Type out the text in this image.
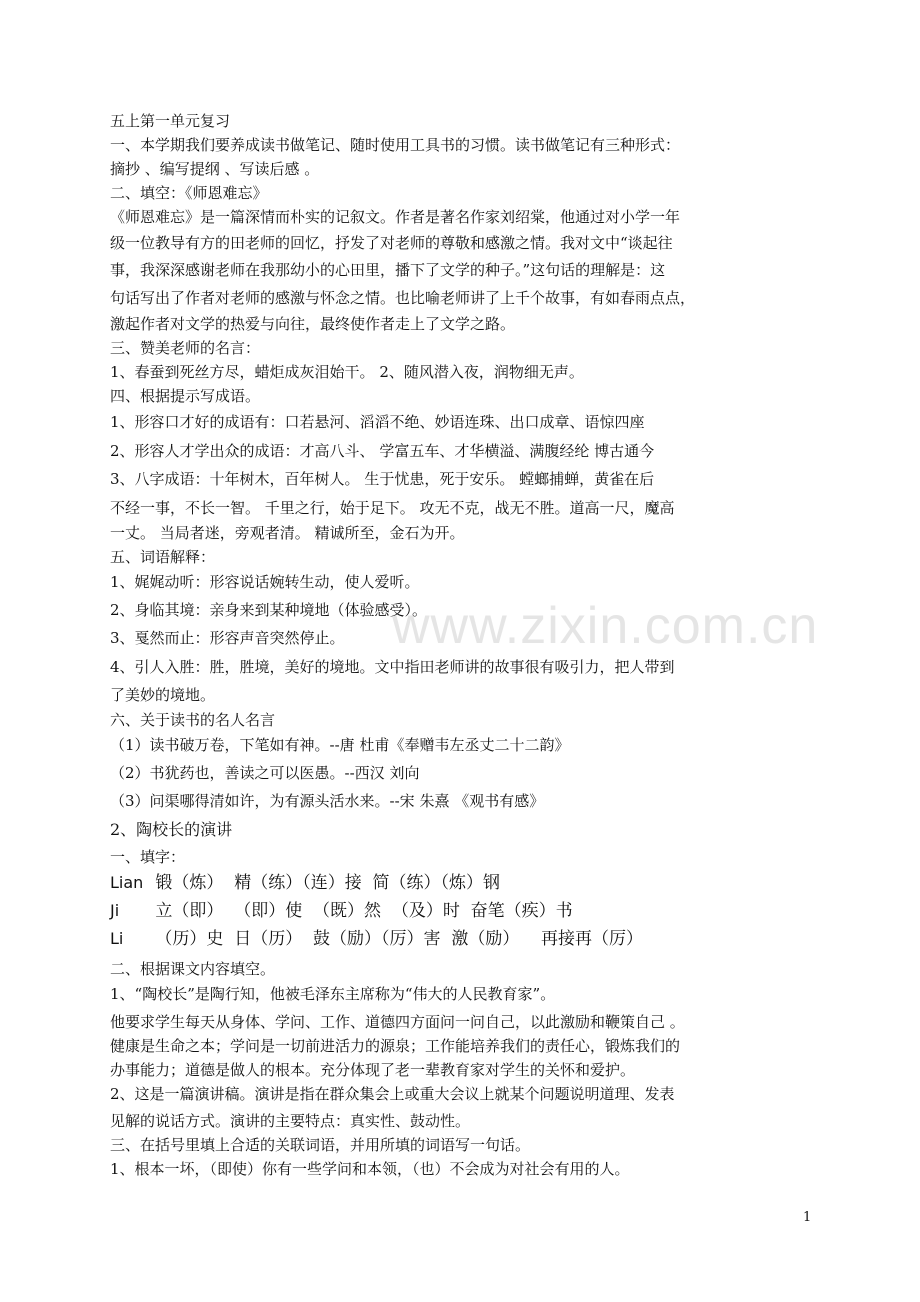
www.zixin.com.cn
五上第一单元复习
一、本学期我们要养成读书做笔记、随时使用工具书的习惯。读书做笔记有三种形式：
摘抄 、编写提纲 、写读后感 。
二、填空：《师恩难忘》
《师恩难忘》是一篇深情而朴实的记叙文。作者是著名作家刘绍棠，他通过对小学一年
级一位教导有方的田老师的回忆，抒发了对老师的尊敬和感激之情。我对文中“谈起往
事，我深深感谢老师在我那幼小的心田里，播下了文学的种子。”这句话的理解是：这
句话写出了作者对老师的感激与怀念之情。也比喻老师讲了上千个故事，有如春雨点点，
激起作者对文学的热爱与向往，最终使作者走上了文学之路。
三、赞美老师的名言：
1、春蚕到死丝方尽，蜡炬成灰泪始干。 2、随风潜入夜，润物细无声。
四、根据提示写成语。
1、形容口才好的成语有：口若悬河、滔滔不绝、妙语连珠、出口成章、语惊四座
2、形容人才学出众的成语：才高八斗、 学富五车、才华横溢、满腹经纶 博古通今
3、八字成语：十年树木，百年树人。 生于忧患，死于安乐。 螳螂捕蝉，黄雀在后
不经一事，不长一智。 千里之行，始于足下。 攻无不克，战无不胜。道高一尺，魔高
一丈。 当局者迷，旁观者清。 精诚所至，金石为开。
五、词语解释：
1、娓娓动听：形容说话婉转生动，使人爱听。
2、身临其境：亲身来到某种境地（体验感受）。
3、戛然而止：形容声音突然停止。
4、引人入胜：胜，胜境，美好的境地。文中指田老师讲的故事很有吸引力，把人带到
了美妙的境地。
六、关于读书的名人名言
（1）读书破万卷，下笔如有神。--唐 杜甫《奉赠韦左丞丈二十二韵》
（2）书犹药也，善读之可以医愚。--西汉 刘向
（3）问渠哪得清如许，为有源头活水来。--宋 朱熹 《观书有感》
2、陶校长的演讲
一、填字：
Lian 锻（炼）  精（练）（连）接  简（练）（炼）钢
Ji 立（即）  （即）使  （既）然  （及）时  奋笔（疾）书
Li （历）史  日（历）  鼓（励）（厉）害  激（励）    再接再（厉）
二、根据课文内容填空。
1、“陶校长”是陶行知，他被毛泽东主席称为“伟大的人民教育家”。
他要求学生每天从身体、学问、工作、道德四方面问一问自己，以此激励和鞭策自己 。
健康是生命之本；学问是一切前进活力的源泉；工作能培养我们的责任心，锻炼我们的
办事能力；道德是做人的根本。充分体现了老一辈教育家对学生的关怀和爱护。
2、这是一篇演讲稿。演讲是指在群众集会上或重大会议上就某个问题说明道理、发表
见解的说话方式。演讲的主要特点：真实性、鼓动性。
三、在括号里填上合适的关联词语，并用所填的词语写一句话。
1、根本一坏，（即使）你有一些学问和本领，（也）不会成为对社会有用的人。
1
